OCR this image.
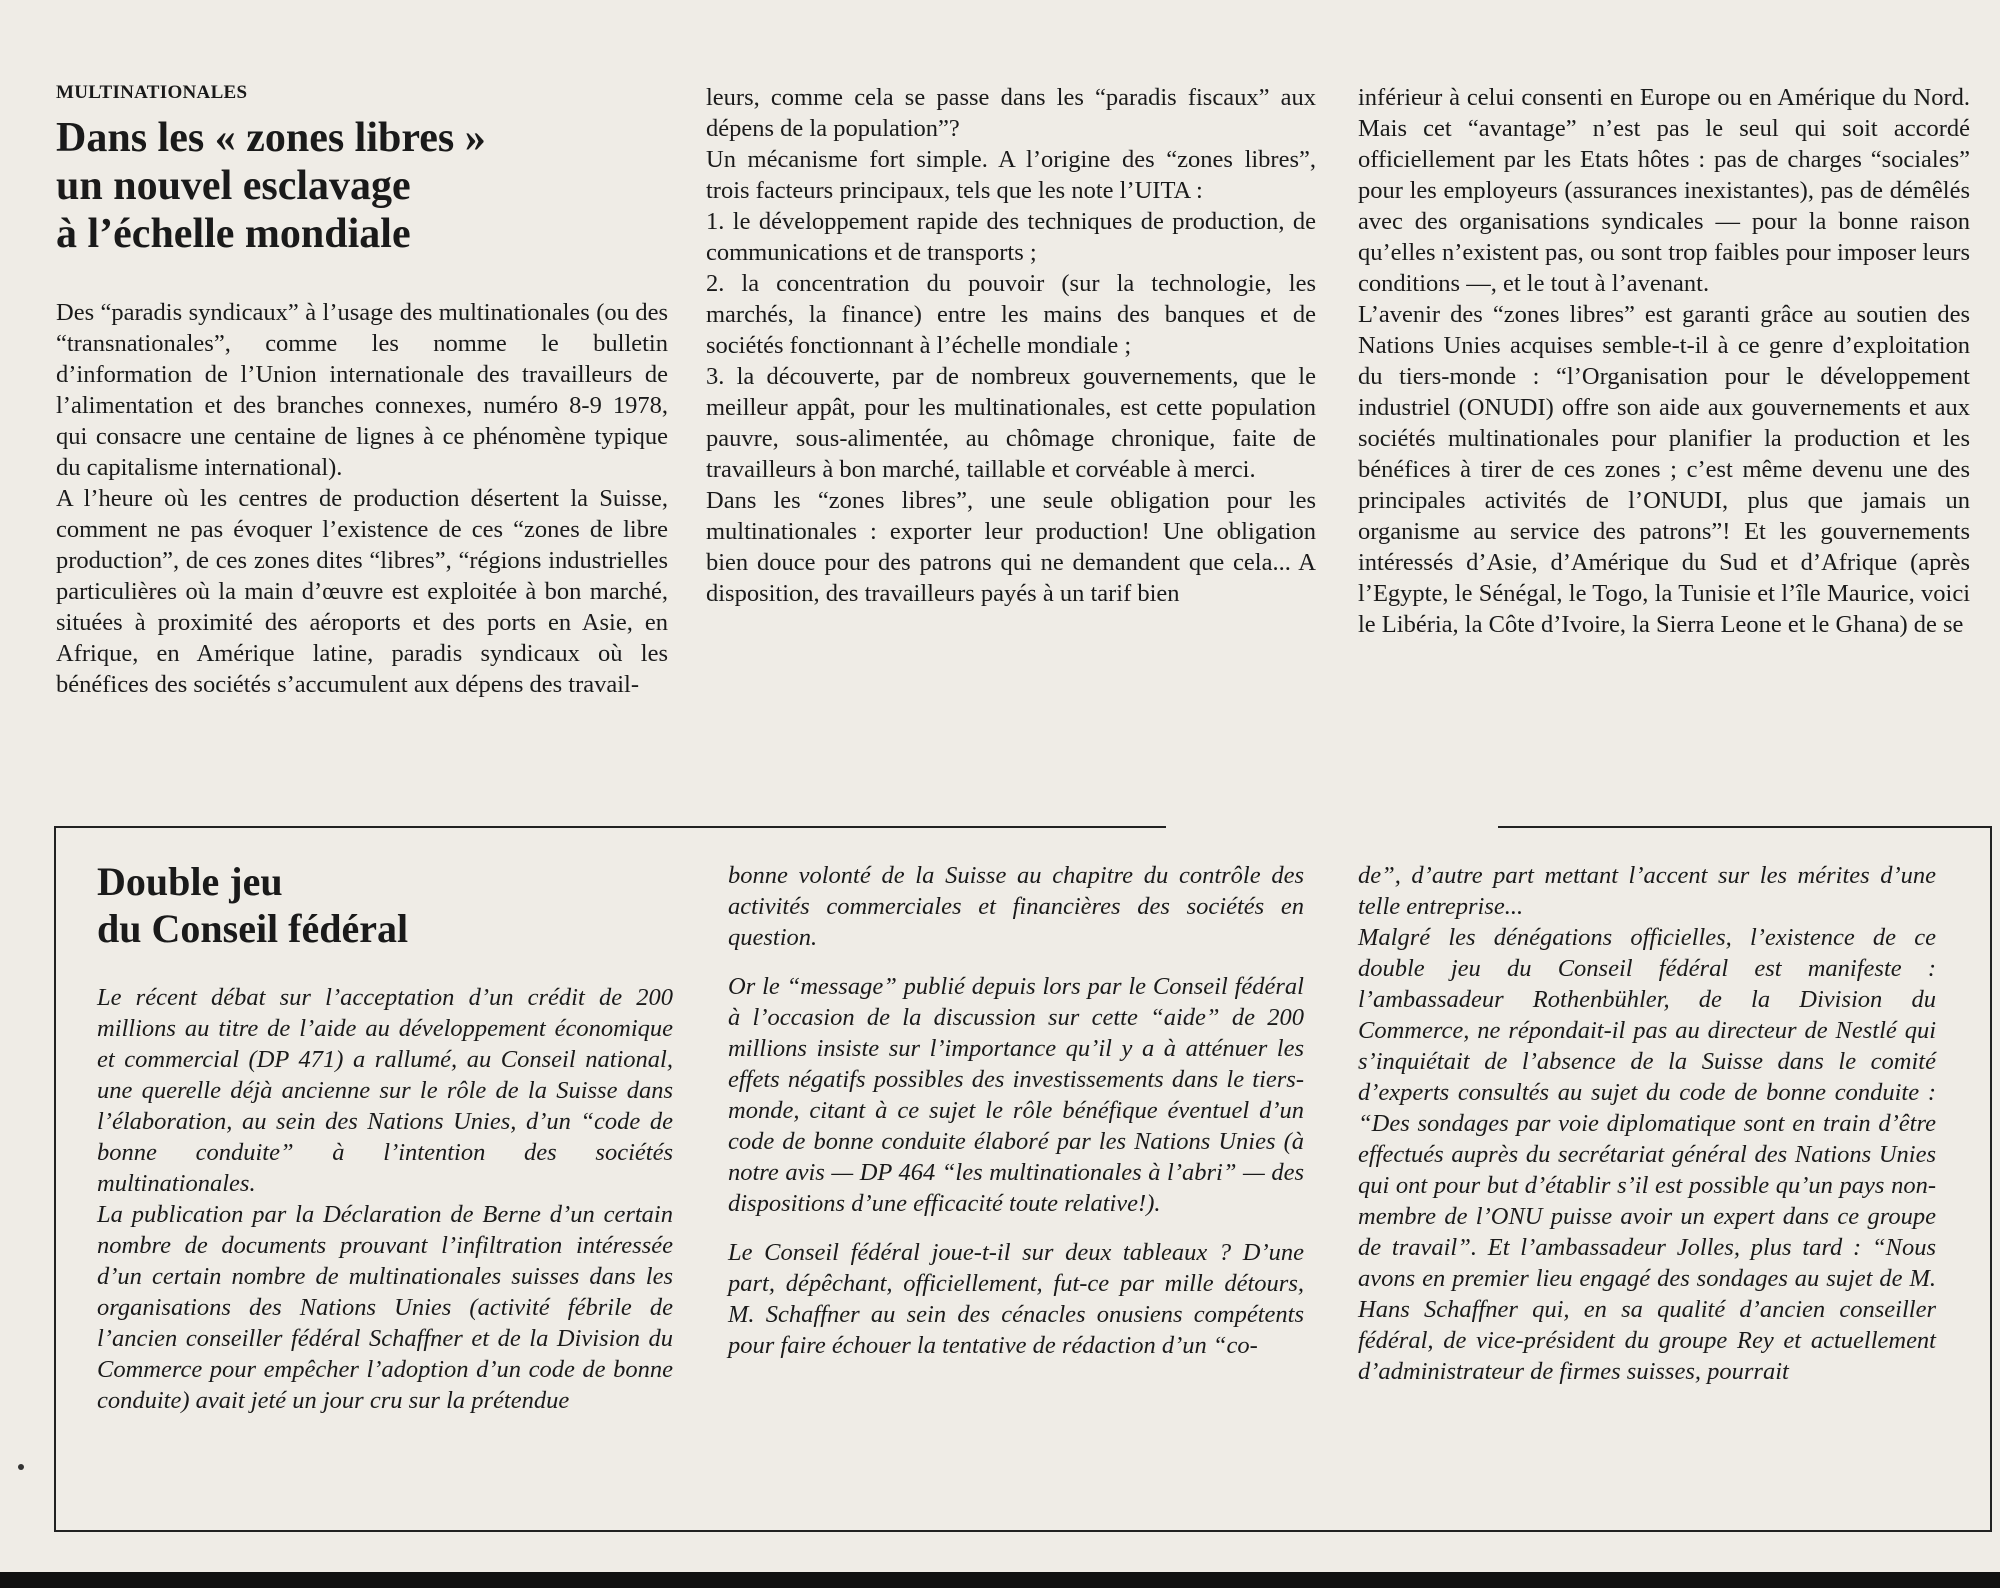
MULTINATIONALES

Dans les « zones libres »
un nouvel esclavage
à l’échelle mondiale

Des “paradis syndicaux” à l’usage des multinationales (ou des “transnationales”, comme les nomme le bulletin d’information de l’Union internationale des travailleurs de l’alimentation et des branches connexes, numéro 8-9 1978, qui consacre une centaine de lignes à ce phénomène typique du capitalisme international).

A l’heure où les centres de production désertent la Suisse, comment ne pas évoquer l’existence de ces “zones de libre production”, de ces zones dites “libres”, “régions industrielles particulières où la main d’œuvre est exploitée à bon marché, situées à proximité des aéroports et des ports en Asie, en Afrique, en Amérique latine, paradis syndicaux où les bénéfices des sociétés s’accumulent aux dépens des travail-

leurs, comme cela se passe dans les “paradis fiscaux” aux dépens de la population”?

Un mécanisme fort simple. A l’origine des “zones libres”, trois facteurs principaux, tels que les note l’UITA :

1. le développement rapide des techniques de production, de communications et de transports ;

2. la concentration du pouvoir (sur la technologie, les marchés, la finance) entre les mains des banques et de sociétés fonctionnant à l’échelle mondiale ;

3. la découverte, par de nombreux gouvernements, que le meilleur appât, pour les multinationales, est cette population pauvre, sous-alimentée, au chômage chronique, faite de travailleurs à bon marché, taillable et corvéable à merci.

Dans les “zones libres”, une seule obligation pour les multinationales : exporter leur production! Une obligation bien douce pour des patrons qui ne demandent que cela... A disposition, des travailleurs payés à un tarif bien

inférieur à celui consenti en Europe ou en Amérique du Nord. Mais cet “avantage” n’est pas le seul qui soit accordé officiellement par les Etats hôtes : pas de charges “sociales” pour les employeurs (assurances inexistantes), pas de démêlés avec des organisations syndicales — pour la bonne raison qu’elles n’existent pas, ou sont trop faibles pour imposer leurs conditions —, et le tout à l’avenant.

L’avenir des “zones libres” est garanti grâce au soutien des Nations Unies acquises semble-t-il à ce genre d’exploitation du tiers-monde : “l’Organisation pour le développement industriel (ONUDI) offre son aide aux gouvernements et aux sociétés multinationales pour planifier la production et les bénéfices à tirer de ces zones ; c’est même devenu une des principales activités de l’ONUDI, plus que jamais un organisme au service des patrons”! Et les gouvernements intéressés d’Asie, d’Amérique du Sud et d’Afrique (après l’Egypte, le Sénégal, le Togo, la Tunisie et l’île Maurice, voici le Libéria, la Côte d’Ivoire, la Sierra Leone et le Ghana) de se

Double jeu
du Conseil fédéral

Le récent débat sur l’acceptation d’un crédit de 200 millions au titre de l’aide au développement économique et commercial (DP 471) a rallumé, au Conseil national, une querelle déjà ancienne sur le rôle de la Suisse dans l’élaboration, au sein des Nations Unies, d’un “code de bonne conduite” à l’intention des sociétés multinationales.

La publication par la Déclaration de Berne d’un certain nombre de documents prouvant l’infiltration intéressée d’un certain nombre de multinationales suisses dans les organisations des Nations Unies (activité fébrile de l’ancien conseiller fédéral Schaffner et de la Division du Commerce pour empêcher l’adoption d’un code de bonne conduite) avait jeté un jour cru sur la prétendue

bonne volonté de la Suisse au chapitre du contrôle des activités commerciales et financières des sociétés en question.

Or le “message” publié depuis lors par le Conseil fédéral à l’occasion de la discussion sur cette “aide” de 200 millions insiste sur l’importance qu’il y a à atténuer les effets négatifs possibles des investissements dans le tiers-monde, citant à ce sujet le rôle bénéfique éventuel d’un code de bonne conduite élaboré par les Nations Unies (à notre avis — DP 464 “les multinationales à l’abri” — des dispositions d’une efficacité toute relative!).

Le Conseil fédéral joue-t-il sur deux tableaux ? D’une part, dépêchant, officiellement, fut-ce par mille détours, M. Schaffner au sein des cénacles onusiens compétents pour faire échouer la tentative de rédaction d’un “co-

de”, d’autre part mettant l’accent sur les mérites d’une telle entreprise...

Malgré les dénégations officielles, l’existence de ce double jeu du Conseil fédéral est manifeste : l’ambassadeur Rothenbühler, de la Division du Commerce, ne répondait-il pas au directeur de Nestlé qui s’inquiétait de l’absence de la Suisse dans le comité d’experts consultés au sujet du code de bonne conduite : “Des sondages par voie diplomatique sont en train d’être effectués auprès du secrétariat général des Nations Unies qui ont pour but d’établir s’il est possible qu’un pays non-membre de l’ONU puisse avoir un expert dans ce groupe de travail”. Et l’ambassadeur Jolles, plus tard : “Nous avons en premier lieu engagé des sondages au sujet de M. Hans Schaffner qui, en sa qualité d’ancien conseiller fédéral, de vice-président du groupe Rey et actuellement d’administrateur de firmes suisses, pourrait
